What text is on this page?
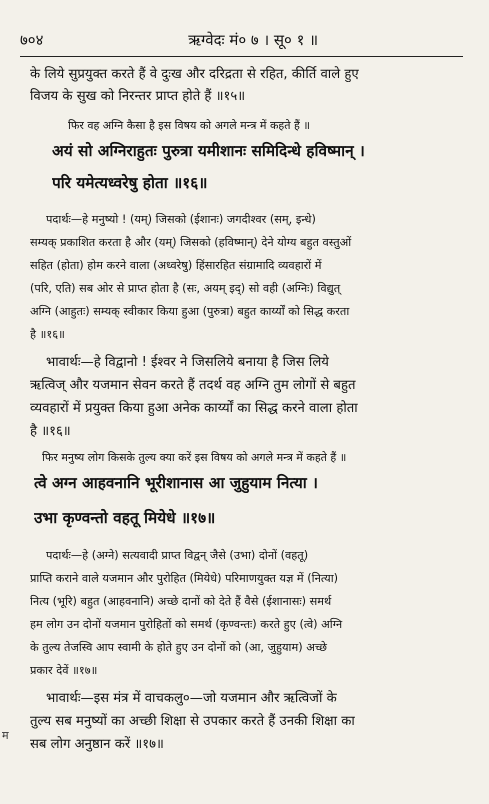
७०४	ऋग्वेदः मं० ७ । सू० १ ॥
के लिये सुप्रयुक्त करते हैं वे दुःख और दरिद्रता से रहित, कीर्ति वाले हुए
विजय के सुख को निरन्तर प्राप्त होते हैं ॥१५॥
फिर वह अग्नि कैसा है इस विषय को अगले मन्त्र में कहते हैं ॥
अयं सो अग्निराहुतः पुरुत्रा यमीशानः समिदिन्धे हविष्मान् ।
परि यमेत्यध्वरेषु होता ॥१६॥
पदार्थः—हे मनुष्यो ! (यम्) जिसको (ईशानः) जगदीश्वर (सम्, इन्धे)
सम्यक् प्रकाशित करता है और (यम्) जिसको (हविष्मान्) देने योग्य बहुत वस्तुओं
सहित (होता) होम करने वाला (अध्वरेषु) हिंसारहित संग्रामादि व्यवहारों में
(परि, एति) सब ओर से प्राप्त होता है (सः, अयम् इद्) सो वही (अग्निः) विद्युत्
अग्नि (आहुतः) सम्यक् स्वीकार किया हुआ (पुरुत्रा) बहुत कार्य्यों को सिद्ध करता
है ॥१६॥
भावार्थः—हे विद्वानो ! ईश्वर ने जिसलिये बनाया है जिस लिये
ऋत्विज् और यजमान सेवन करते हैं तदर्थ वह अग्नि तुम लोगों से बहुत
व्यवहारों में प्रयुक्त किया हुआ अनेक कार्य्यों का सिद्ध करने वाला होता
है ॥१६॥
फिर मनुष्य लोग किसके तुल्य क्या करें इस विषय को अगले मन्त्र में कहते हैं ॥
त्वे अग्न आहवनानि भूरीशानास आ जुहुयाम नित्या ।
उभा कृण्वन्तो वहतू मियेधे ॥१७॥
पदार्थः—हे (अग्ने) सत्यवादी प्राप्त विद्वन् जैसे (उभा) दोनों (वहतू)
प्राप्ति कराने वाले यजमान और पुरोहित (मियेधे) परिमाणयुक्त यज्ञ में (नित्या)
नित्य (भूरि) बहुत (आहवनानि) अच्छे दानों को देते हैं वैसे (ईशानासः) समर्थ
हम लोग उन दोनों यजमान पुरोहितों को समर्थ (कृण्वन्तः) करते हुए (त्वे) अग्नि
के तुल्य तेजस्वि आप स्वामी के होते हुए उन दोनों को (आ, जुहुयाम) अच्छे
प्रकार देवें ॥१७॥
भावार्थः—इस मंत्र में वाचकलु०—जो यजमान और ऋत्विजों के
तुल्य सब मनुष्यों का अच्छी शिक्षा से उपकार करते हैं उनकी शिक्षा का
सब लोग अनुष्ठान करें ॥१७॥
म
